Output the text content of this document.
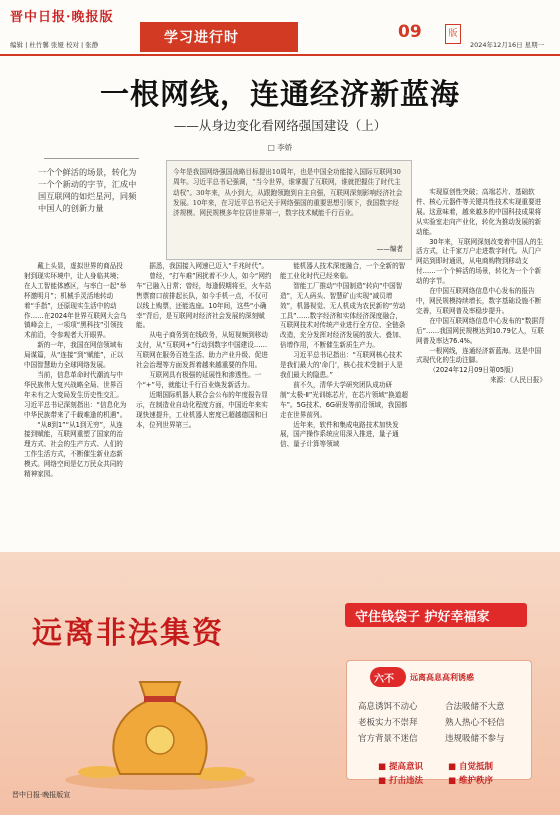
晋中日报·晚报版
编辑 | 杜竹馨 张娅 校对 | 张静	学习进行时	09	版
2024年12月16日 星期一
一根网线，连通经济新蓝海
——从身边变化看网络强国建设（上）
□ 李娇

一个个鲜活的场景，转化为一个个新动的字节，汇成中国互联网的如烂星河，同频中国人的创新力量

今年是我国网络强国战略目标提出10周年，也是中国全功能接入国际互联网30周年。习近平总书记强调，“当今世界，谁掌握了互联网，谁就把握住了时代主动权”。30年来，从小到大，从跟跑领跑到自主自强，互联网深刻影响经济社会发展。10年来，在习近平总书记关于网络强国的重要思想引领下，我国数字经济规模、网民规模多年位居世界第一，数字技术赋能千行百业。

——编者

戴上头显，虚拟世界的商品投射到现实环境中，让人身临其境；在人工智能体感区，与率白一起“举杯邀明月”；机械手灵活地转动着“手指”，还原现实生活中的动作……在2024年世界互联网大会乌镇峰会上，一项项“黑科技”引领技术前沿，令参观者大开眼界。

新的一年，我国在网信领域布局谋篇，从“连接”到“赋能”，正以中国智慧助力全球网络发展。

当前，信息革命时代潮流与中华民族伟大复兴战略全局、世界百年未有之大变局发生历史性交汇。习近平总书记深刻指出：“信息化为中华民族带来了千载难逢的机遇”。

“从8到1”“从1到无穷”，从连接到赋能，互联网重塑了国家的治理方式、社会的生产方式、人们的工作生活方式，不断催生新业态新模式。网络空间是亿万民众共同的精神家园。

据悉，我国接入网速已迈入“千兆时代”。

曾经，“打车难”困扰着不少人，如今“网约车”已融入日常；曾经，每逢假期将至，火车站售票窗口前排起长队，如今手机一点，不仅可以线上购票，还能选座。10年间，这些“小确幸”背后，是互联网对经济社会发展的深刻赋能。

从电子商务到在线政务，从短视频到移动支付，从“互联网+”行动到数字中国建设……互联网在服务百姓生活、助力产业升级、促进社会治理等方面发挥着越来越重要的作用。

互联网具有极强的延展性和渗透性。一个“+”号，就能让千行百业焕发新活力。

近期国际机器人联合会公布的年度报告显示，在制造业自动化程度方面，中国近年来实现快速提升，工业机器人密度已超越德国和日本，位列世界第三。

能机器人技术深度融合，一个全新的智能工业化时代已经来临。

智能工厂推动“中国制造”转向“中国智造”，无人码头、智慧矿山实现“减员增效”，机器视觉、无人机成为农民新的“劳动工具”……数字经济和实体经济深度融合，互联网技术对传统产业进行全方位、全链条改造，充分发挥对经济发展的放大、叠加、倍增作用，不断催生新质生产力。

习近平总书记指出：“互联网核心技术是我们最大的‘命门’，核心技术受制于人是我们最大的隐患。”

前不久，清华大学研究团队成功研制“太极-Ⅱ”光训练芯片，在芯片领域“换道超车”。5G技术、6G研发等前沿领域，我国都走在世界前列。

近年来，软件和集成电路技术加快发展，国产操作系统应用深入推进，量子通信、量子计算等领域

实现原创性突破；高端芯片、基础软件、核心元器件等关键共性技术实现重要进展。这意味着，越来越多的中国科技成果将从实验室走向产业化，转化为推动发展的新动能。

30年来，互联网深刻改变着中国人的生活方式，让千家万户走进数字时代。从门户网站到即时通讯，从电商购物到移动支付……一个个鲜活的场景，转化为一个个新动的字节。

在中国互联网络信息中心发布的报告中，网民规模持续增长，数字基础设施不断完善，互联网普及率稳步提升。

在中国互联网络信息中心发布的“数据背后”……我国网民规模达到10.79亿人，互联网普及率达76.4%。

一根网线，连通经济新蓝海。这是中国式现代化的生动注脚。

（2024年12月09日第05版）

来源：《人民日报》

远离非法集资	守住钱袋子 护好幸福家
六不 远离高息高利诱惑
高息诱饵不动心	合法吸储不大意
老板实力不崇拜	熟人热心不轻信
官方背景不迷信	违规吸储不参与
■ 提高意识	■ 自觉抵制
■ 打击违法	■ 维护秩序
晋中日报·晚报版宣
